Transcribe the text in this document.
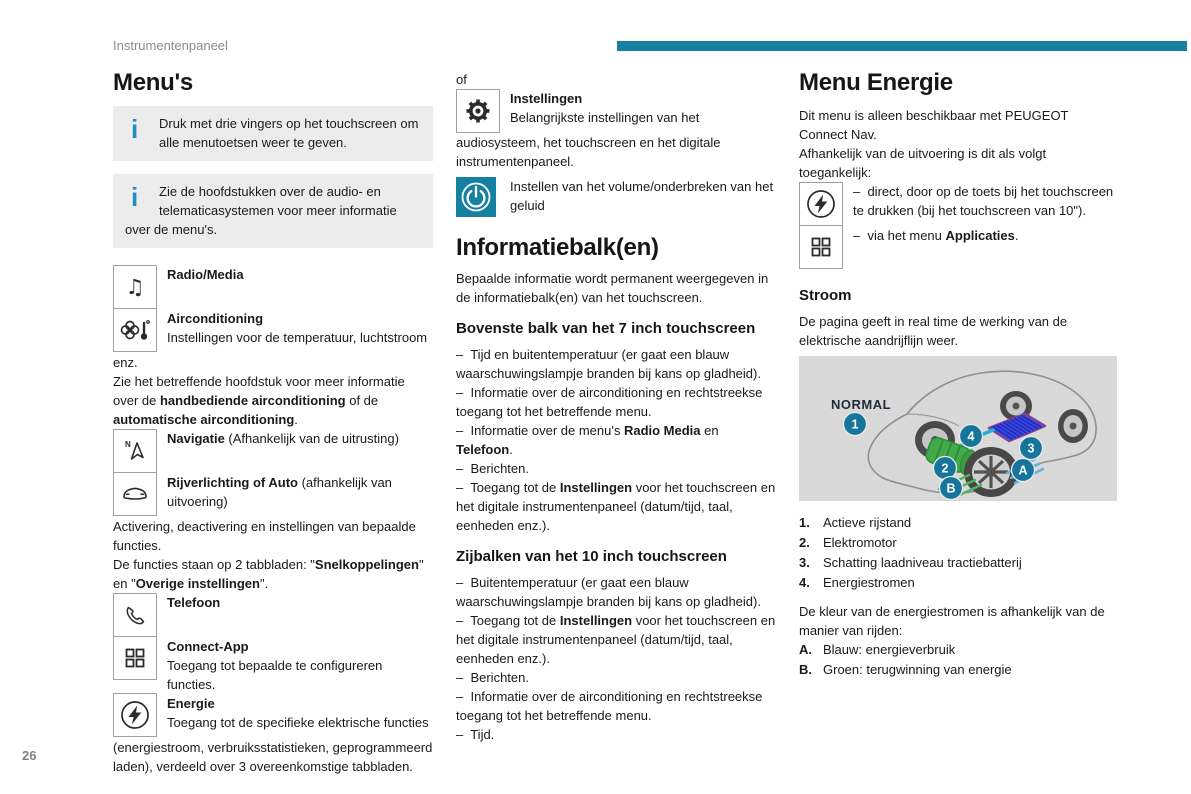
Instrumentenpaneel
26
Menu's
i	Druk met drie vingers op het touchscreen om alle menutoetsen weer te geven.

i	Zie de hoofdstukken over de audio- en telematicasystemen voor meer informatie over de menu's.

♫ Radio/Media

Airconditioning
Instellingen voor de temperatuur, luchtstroom

enz.

Zie het betreffende hoofdstuk voor meer informatie over de handbediende airconditioning of de automatische airconditioning.

N	Navigatie (Afhankelijk van de uitrusting)

Rijverlichting of Auto (afhankelijk van uitvoering)

Activering, deactivering en instellingen van bepaalde functies.

De functies staan op 2 tabbladen: "Snelkoppelingen" en "Overige instellingen".

Telefoon

Connect-App
Toegang tot bepaalde te configureren functies.

Energie
Toegang tot de specifieke elektrische functies

(energiestroom, verbruiksstatistieken, geprogrammeerd laden), verdeeld over 3 overeenkomstige tabbladen.

of

Instellingen
Belangrijkste instellingen van het

audiosysteem, het touchscreen en het digitale instrumentenpaneel.

Instellen van het volume/onderbreken van het geluid

Informatiebalk(en)

Bepaalde informatie wordt permanent weergegeven in de informatiebalk(en) van het touchscreen.

Bovenste balk van het 7 inch touchscreen

–  Tijd en buitentemperatuur (er gaat een blauw waarschuwingslampje branden bij kans op gladheid).

–  Informatie over de airconditioning en rechtstreekse toegang tot het betreffende menu.

–  Informatie over de menu's Radio Media en Telefoon.

–  Berichten.

–  Toegang tot de Instellingen voor het touchscreen en het digitale instrumentenpaneel (datum/tijd, taal, eenheden enz.).

Zijbalken van het 10 inch touchscreen

–  Buitentemperatuur (er gaat een blauw waarschuwingslampje branden bij kans op gladheid).

–  Toegang tot de Instellingen voor het touchscreen en het digitale instrumentenpaneel (datum/tijd, taal, eenheden enz.).

–  Berichten.

–  Informatie over de airconditioning en rechtstreekse toegang tot het betreffende menu.

–  Tijd.

Menu Energie

Dit menu is alleen beschikbaar met PEUGEOT Connect Nav.

Afhankelijk van de uitvoering is dit als volgt toegankelijk:

–  direct, door op de toets bij het touchscreen te drukken (bij het touchscreen van 10").

–  via het menu Applicaties.

Stroom

De pagina geeft in real time de werking van de elektrische aandrijflijn weer.

NORMAL
1
2
3
4
A
B
1.	Actieve rijstand
2.	Elektromotor
3.	Schatting laadniveau tractiebatterij
4.	Energiestromen

De kleur van de energiestromen is afhankelijk van de manier van rijden:

A. Blauw: energieverbruik
B. Groen: terugwinning van energie
